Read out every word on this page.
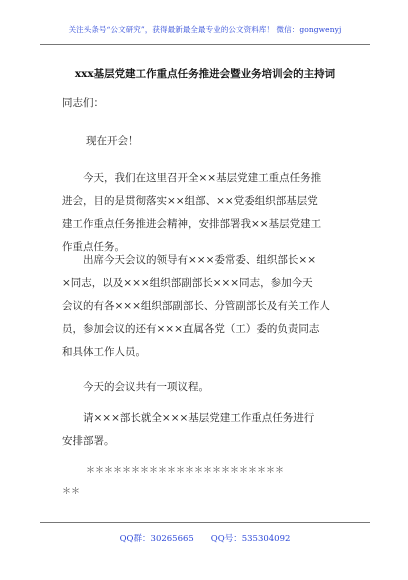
关注头条号“公文研究”，获得最新最全最专业的公文资料库！ 微信：gongwenyj
xxx基层党建工作重点任务推进会暨业务培训会的主持词
同志们：
现在开会！
　　今天，我们在这里召开全××基层党建工重点任务推
进会，目的是贯彻落实××组部、××党委组织部基层党
建工作重点任务推进会精神，安排部署我××基层党建工
作重点任务。
　　出席今天会议的领导有×××委常委、组织部长××
×同志，以及×××组织部副部长×××同志，参加今天
会议的有各×××组织部副部长、分管副部长及有关工作人
员，参加会议的还有×××直属各党（工）委的负责同志
和具体工作人员。
　　今天的会议共有一项议程。
　　请×××部长就全×××基层党建工作重点任务进行
安排部署。
＊＊＊＊＊＊＊＊＊＊＊＊＊＊＊＊＊＊＊＊＊＊
＊＊
QQ群：30265665　　QQ号：535304092
